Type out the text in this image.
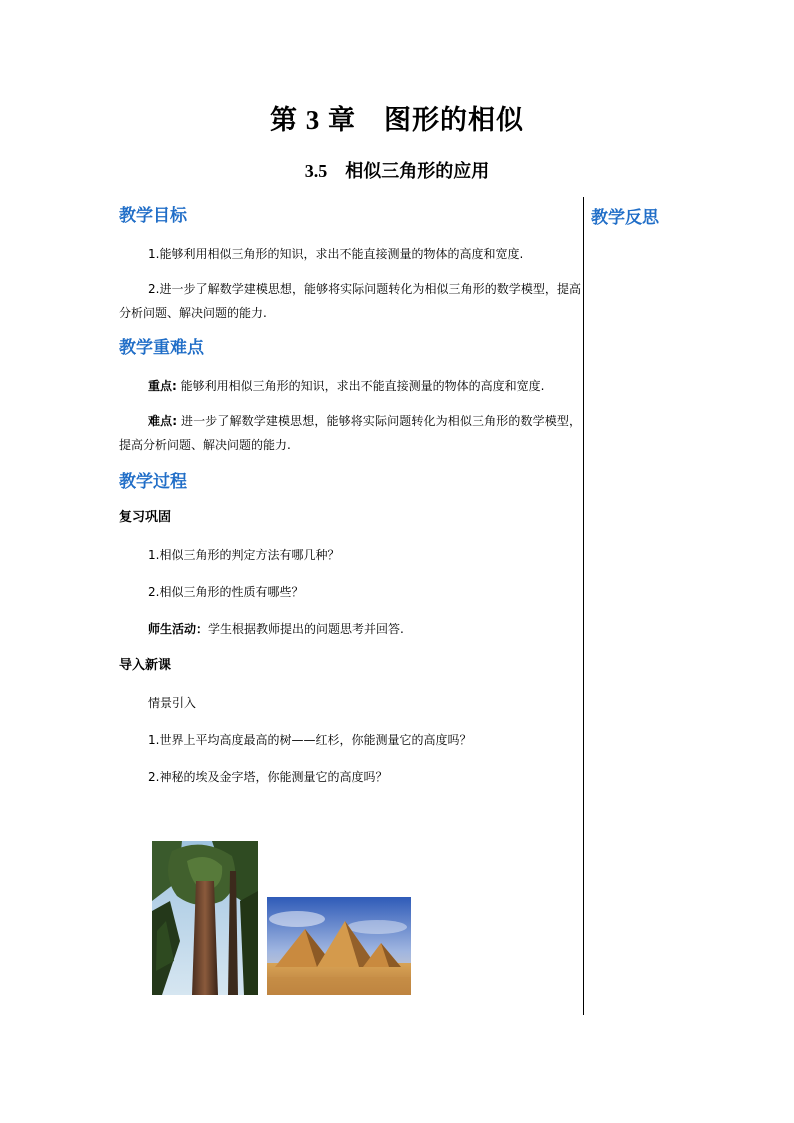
第 3 章 图形的相似
3.5 相似三角形的应用
教学反思
教学目标

1.能够利用相似三角形的知识，求出不能直接测量的物体的高度和宽度.

2.进一步了解数学建模思想，能够将实际问题转化为相似三角形的数学模型，提高分析问题、解决问题的能力.

教学重难点

重点: 能够利用相似三角形的知识，求出不能直接测量的物体的高度和宽度.

难点: 进一步了解数学建模思想，能够将实际问题转化为相似三角形的数学模型，提高分析问题、解决问题的能力.

教学过程
复习巩固

1.相似三角形的判定方法有哪几种？

2.相似三角形的性质有哪些？

师生活动：学生根据教师提出的问题思考并回答.

导入新课

情景引入

1.世界上平均高度最高的树——红杉，你能测量它的高度吗？

2.神秘的埃及金字塔，你能测量它的高度吗？
